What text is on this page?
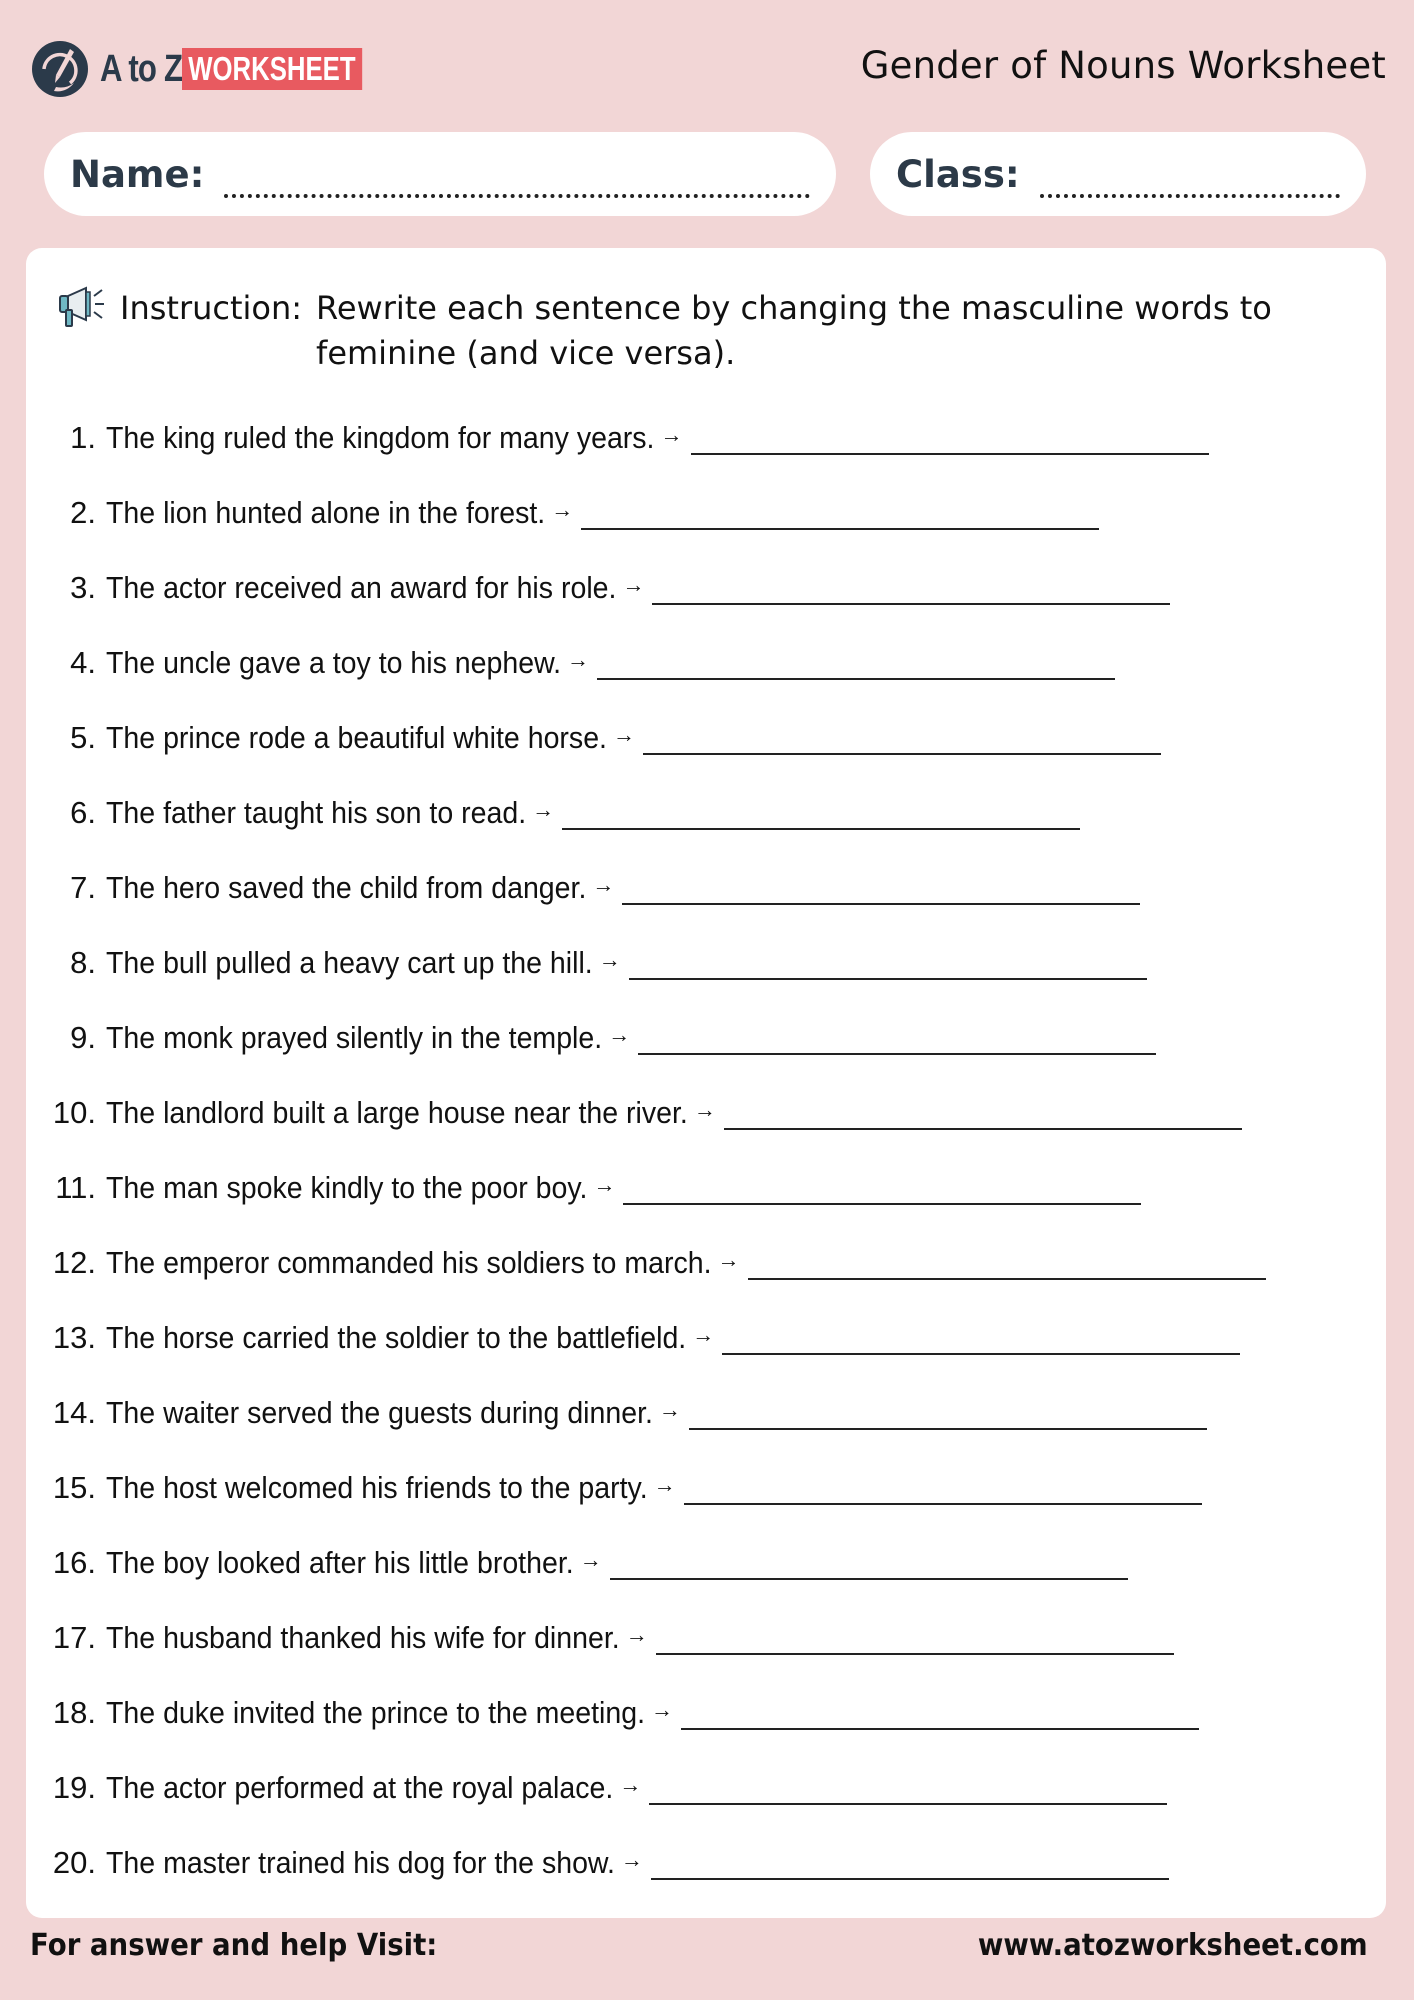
A to Z WORKSHEET	Gender of Nouns Worksheet
Name:	Class:
Instruction: Rewrite each sentence by changing the masculine words to feminine (and vice versa).
1. The king ruled the kingdom for many years. →
2. The lion hunted alone in the forest. →
3. The actor received an award for his role. →
4. The uncle gave a toy to his nephew. →
5. The prince rode a beautiful white horse. →
6. The father taught his son to read. →
7. The hero saved the child from danger. →
8. The bull pulled a heavy cart up the hill. →
9. The monk prayed silently in the temple. →
10. The landlord built a large house near the river. →
11. The man spoke kindly to the poor boy. →
12. The emperor commanded his soldiers to march. →
13. The horse carried the soldier to the battlefield. →
14. The waiter served the guests during dinner. →
15. The host welcomed his friends to the party. →
16. The boy looked after his little brother. →
17. The husband thanked his wife for dinner. →
18. The duke invited the prince to the meeting. →
19. The actor performed at the royal palace. →
20. The master trained his dog for the show. →
For answer and help Visit:	www.atozworksheet.com
